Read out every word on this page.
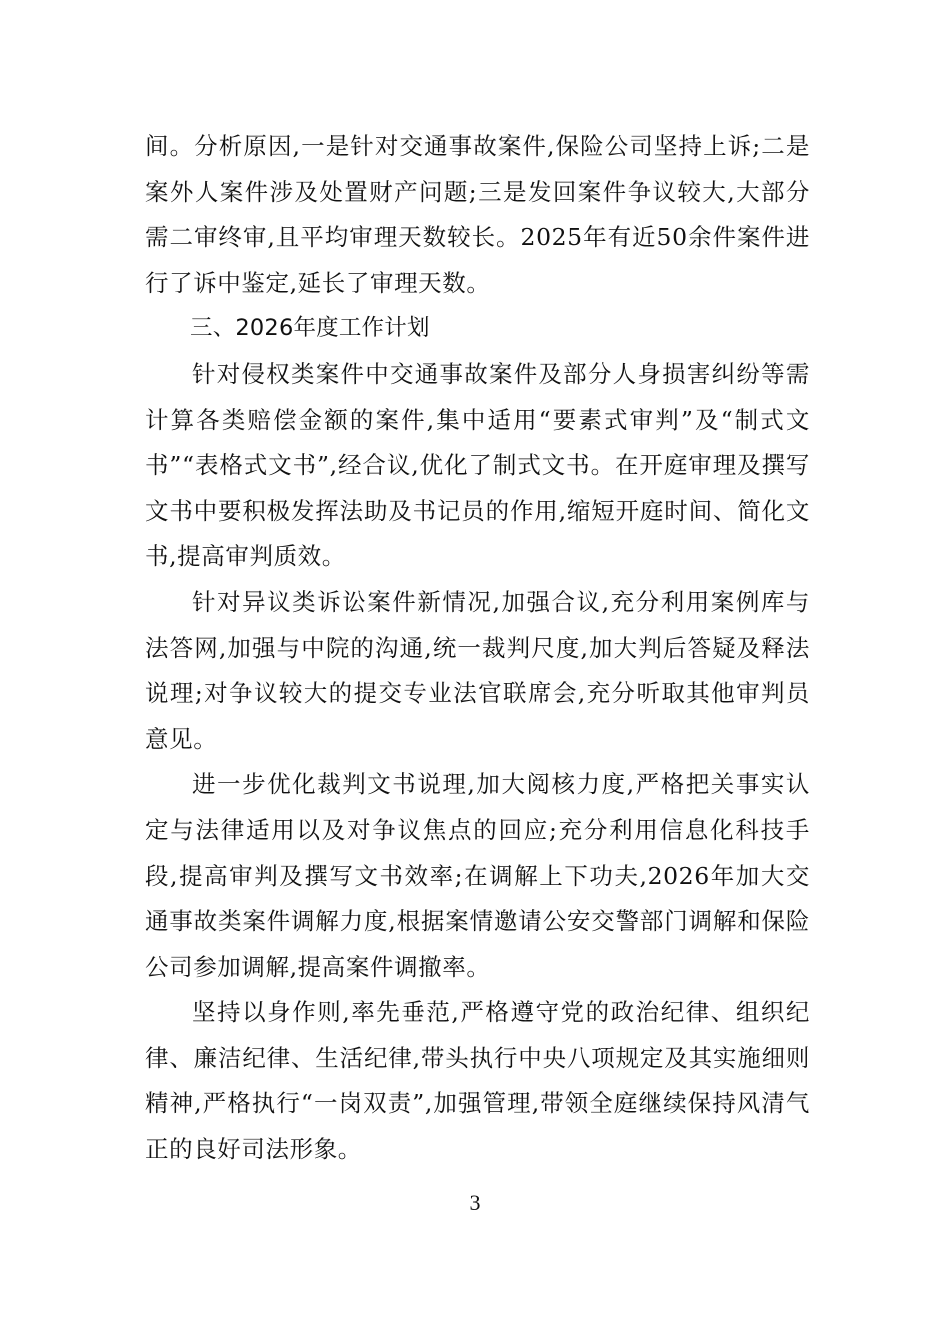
间。分析原因,一是针对交通事故案件,保险公司坚持上诉;二是案外人案件涉及处置财产问题;三是发回案件争议较大,大部分需二审终审,且平均审理天数较长。2025年有近50余件案件进行了诉中鉴定,延长了审理天数。

三、2026年度工作计划

针对侵权类案件中交通事故案件及部分人身损害纠纷等需计算各类赔偿金额的案件,集中适用“要素式审判”及“制式文书”“表格式文书”,经合议,优化了制式文书。在开庭审理及撰写文书中要积极发挥法助及书记员的作用,缩短开庭时间、简化文书,提高审判质效。

针对异议类诉讼案件新情况,加强合议,充分利用案例库与法答网,加强与中院的沟通,统一裁判尺度,加大判后答疑及释法说理;对争议较大的提交专业法官联席会,充分听取其他审判员意见。

进一步优化裁判文书说理,加大阅核力度,严格把关事实认定与法律适用以及对争议焦点的回应;充分利用信息化科技手段,提高审判及撰写文书效率;在调解上下功夫,2026年加大交通事故类案件调解力度,根据案情邀请公安交警部门调解和保险公司参加调解,提高案件调撤率。

坚持以身作则,率先垂范,严格遵守党的政治纪律、组织纪律、廉洁纪律、生活纪律,带头执行中央八项规定及其实施细则精神,严格执行“一岗双责”,加强管理,带领全庭继续保持风清气正的良好司法形象。

3
